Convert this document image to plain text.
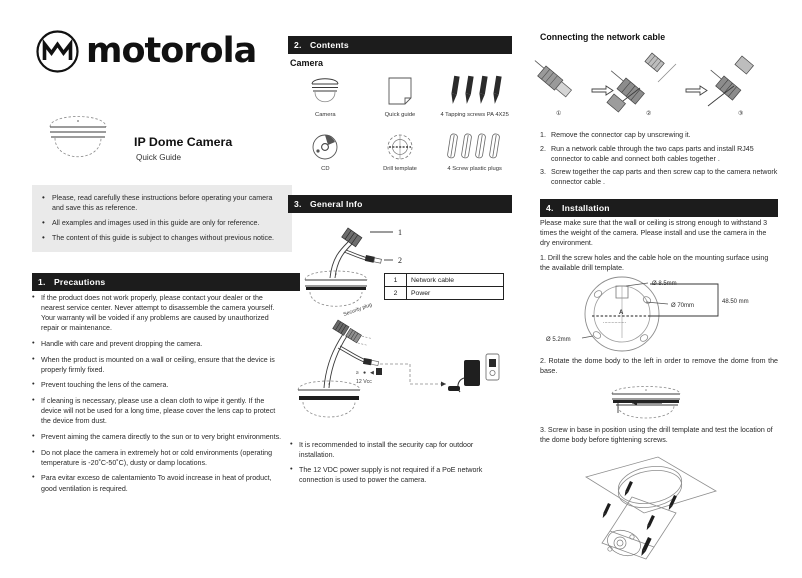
motorola
IP Dome Camera
Quick Guide
• Please, read carefully these instructions before operating your camera and save this as reference.
• All examples and images used in this guide are only for reference.
• The content of this guide is subject to changes without previous notice.
1. Precautions
• If the product does not work properly, please contact your dealer or the nearest service center. Never attempt to disassemble the camera yourself. Your warranty will be voided if any problems are caused by unauthorized repair or maintenance.
• Handle with care and prevent dropping the camera.
• When the product is mounted on a wall or ceiling, ensure that the device is properly firmly fixed.
• Prevent touching the lens of the camera.
• If cleaning is necessary, please use a clean cloth to wipe it gently. If the device will not be used for a long time, please cover the lens cap to protect the device from dust.
• Prevent aiming the camera directly to the sun or to very bright environments.
• Do not place the camera in extremely hot or cold environments (operating temperature is -20˚C-50˚C), dusty or damp locations.
• Para evitar exceso de calentamiento To avoid increase in heat of product, good ventilation is required.
2. Contents
Camera
Camera	Quick guide	4 Tapping screws PA 4X25
CD	Drill template	4 Screw plastic plugs
3. General Info
1
2
1	Network cable
2	Power
Security plug
≥ ● ◀
12 Vcc
• It is recommended to install the security cap for outdoor installation.
• The 12 VDC power supply is not required if a PoE network connection is used to power the camera.
Connecting the network cable
①	②	③
Remove the connector cap by unscrewing it.
Run a network cable through the two caps parts and install RJ45 connector to cable and connect both cables together .
Screw together the cap parts and then screw cap to the camera network connector cable .
4. Installation
Please make sure that the wall or ceiling is strong enough to withstand 3 times the weight of the camera. Please install and use the camera in the dry environment.
1. Drill the screw holes and the cable hole on the mounting surface using the available drill template.
A
................
Ø 8.5mm
Ø 70mm
48.50 mm
Ø 5.2mm
2. Rotate the dome body to the left in order to remove the dome from the base.
3. Screw in base in position using the drill template and test the location of the dome body before tightening screws.
